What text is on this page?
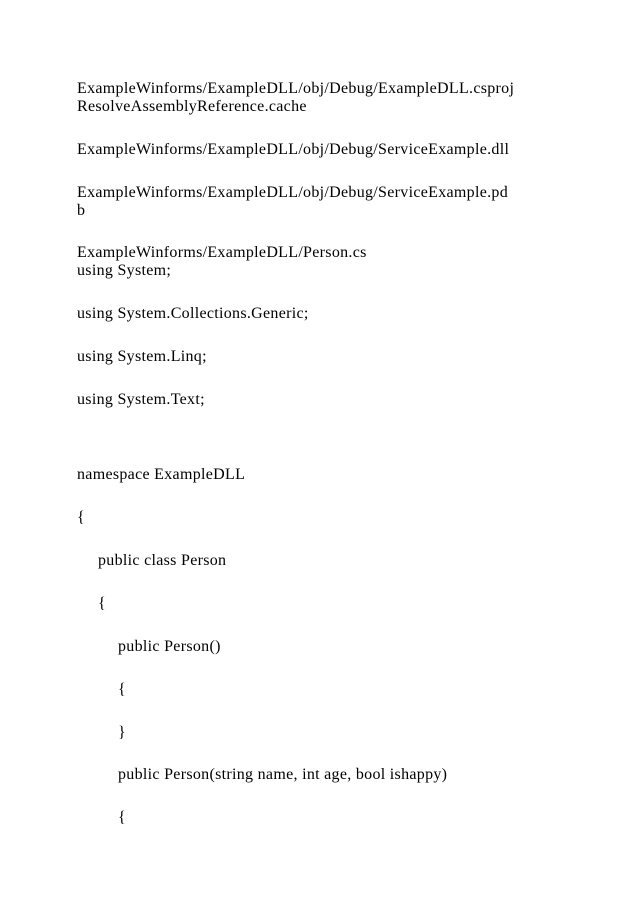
ExampleWinforms/ExampleDLL/obj/Debug/ExampleDLL.csproj
ResolveAssemblyReference.cache
ExampleWinforms/ExampleDLL/obj/Debug/ServiceExample.dll
ExampleWinforms/ExampleDLL/obj/Debug/ServiceExample.pd
b
ExampleWinforms/ExampleDLL/Person.cs
using System;
using System.Collections.Generic;
using System.Linq;
using System.Text;
namespace ExampleDLL
{
public class Person
{
public Person()
{
}
public Person(string name, int age, bool ishappy)
{
